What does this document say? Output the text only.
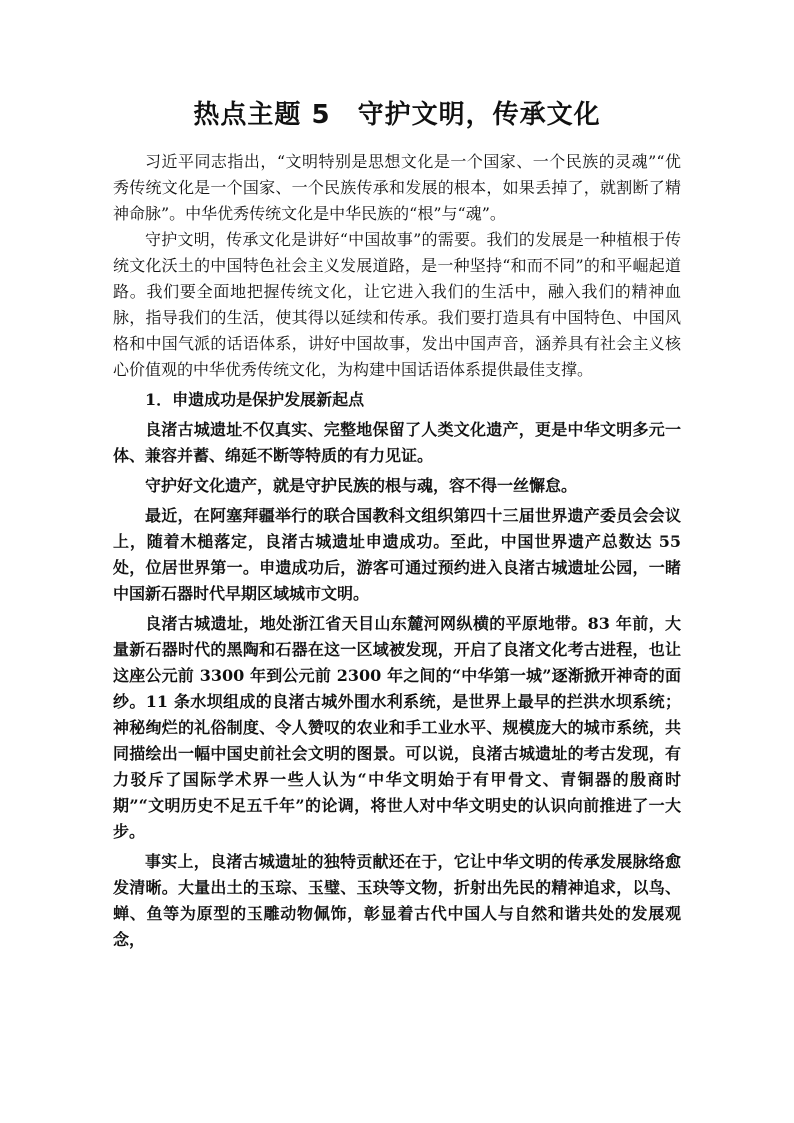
热点主题 5　守护文明，传承文化

习近平同志指出，“文明特别是思想文化是一个国家、一个民族的灵魂”“优秀传统文化是一个国家、一个民族传承和发展的根本，如果丢掉了，就割断了精神命脉”。中华优秀传统文化是中华民族的“根”与“魂”。

守护文明，传承文化是讲好“中国故事”的需要。我们的发展是一种植根于传统文化沃土的中国特色社会主义发展道路，是一种坚持“和而不同”的和平崛起道路。我们要全面地把握传统文化，让它进入我们的生活中，融入我们的精神血脉，指导我们的生活，使其得以延续和传承。我们要打造具有中国特色、中国风格和中国气派的话语体系，讲好中国故事，发出中国声音，涵养具有社会主义核心价值观的中华优秀传统文化，为构建中国话语体系提供最佳支撑。

1．申遗成功是保护发展新起点

良渚古城遗址不仅真实、完整地保留了人类文化遗产，更是中华文明多元一体、兼容并蓄、绵延不断等特质的有力见证。

守护好文化遗产，就是守护民族的根与魂，容不得一丝懈怠。

最近，在阿塞拜疆举行的联合国教科文组织第四十三届世界遗产委员会会议上，随着木槌落定，良渚古城遗址申遗成功。至此，中国世界遗产总数达 55 处，位居世界第一。申遗成功后，游客可通过预约进入良渚古城遗址公园，一睹中国新石器时代早期区域城市文明。

良渚古城遗址，地处浙江省天目山东麓河网纵横的平原地带。83 年前，大量新石器时代的黑陶和石器在这一区域被发现，开启了良渚文化考古进程，也让这座公元前 3300 年到公元前 2300 年之间的“中华第一城”逐渐掀开神奇的面纱。11 条水坝组成的良渚古城外围水利系统，是世界上最早的拦洪水坝系统；神秘绚烂的礼俗制度、令人赞叹的农业和手工业水平、规模庞大的城市系统，共同描绘出一幅中国史前社会文明的图景。可以说，良渚古城遗址的考古发现，有力驳斥了国际学术界一些人认为“中华文明始于有甲骨文、青铜器的殷商时期”“文明历史不足五千年”的论调，将世人对中华文明史的认识向前推进了一大步。

事实上，良渚古城遗址的独特贡献还在于，它让中华文明的传承发展脉络愈发清晰。大量出土的玉琮、玉璧、玉玦等文物，折射出先民的精神追求，以鸟、蝉、鱼等为原型的玉雕动物佩饰，彰显着古代中国人与自然和谐共处的发展观念，
